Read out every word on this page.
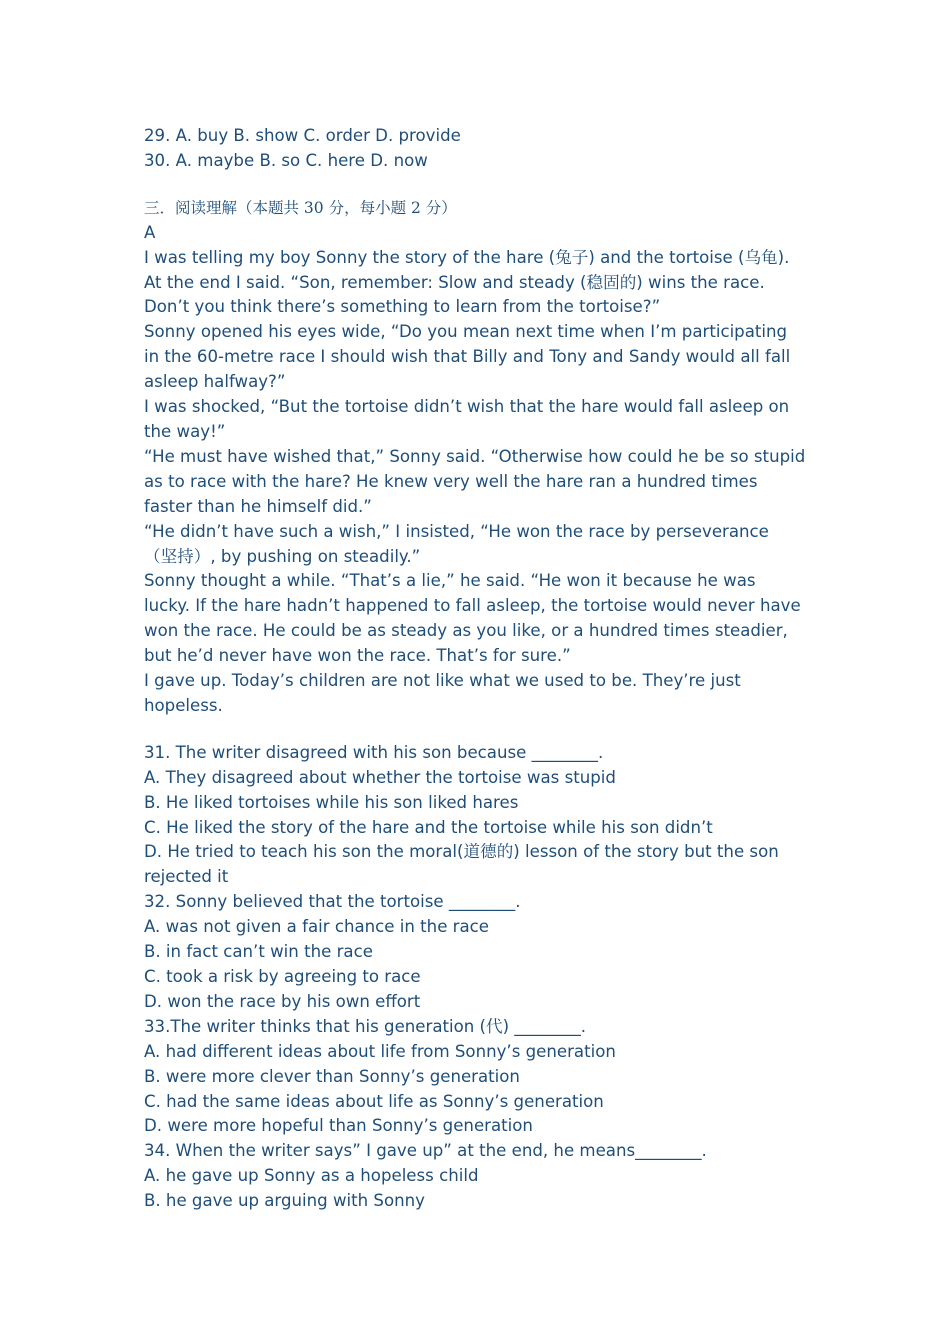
29. A. buy B. show C. order D. provide
30. A. maybe B. so C. here D. now
三．阅读理解（本题共 30 分，每小题 2 分）
A
I was telling my boy Sonny the story of the hare (兔子) and the tortoise (乌龟). At the end I said. “Son, remember: Slow and steady (稳固的) wins the race. Don’t you think there’s something to learn from the tortoise?”
Sonny opened his eyes wide, “Do you mean next time when I’m participating in the 60-metre race I should wish that Billy and Tony and Sandy would all fall asleep halfway?”
I was shocked, “But the tortoise didn’t wish that the hare would fall asleep on the way!”
“He must have wished that,” Sonny said. “Otherwise how could he be so stupid as to race with the hare? He knew very well the hare ran a hundred times faster than he himself did.”
“He didn’t have such a wish,” I insisted, “He won the race by perseverance （坚持）, by pushing on steadily.”
Sonny thought a while. “That’s a lie,” he said. “He won it because he was lucky. If the hare hadn’t happened to fall asleep, the tortoise would never have won the race. He could be as steady as you like, or a hundred times steadier, but he’d never have won the race. That’s for sure.”
I gave up. Today’s children are not like what we used to be. They’re just hopeless.
31. The writer disagreed with his son because ________.
A. They disagreed about whether the tortoise was stupid
B. He liked tortoises while his son liked hares
C. He liked the story of the hare and the tortoise while his son didn’t
D. He tried to teach his son the moral(道德的) lesson of the story but the son rejected it
32. Sonny believed that the tortoise ________.
A. was not given a fair chance in the race
B. in fact can’t win the race
C. took a risk by agreeing to race
D. won the race by his own effort
33.The writer thinks that his generation (代) ________.
A. had different ideas about life from Sonny’s generation
B. were more clever than Sonny’s generation
C. had the same ideas about life as Sonny’s generation
D. were more hopeful than Sonny’s generation
34. When the writer says” I gave up” at the end, he means________.
A. he gave up Sonny as a hopeless child
B. he gave up arguing with Sonny
